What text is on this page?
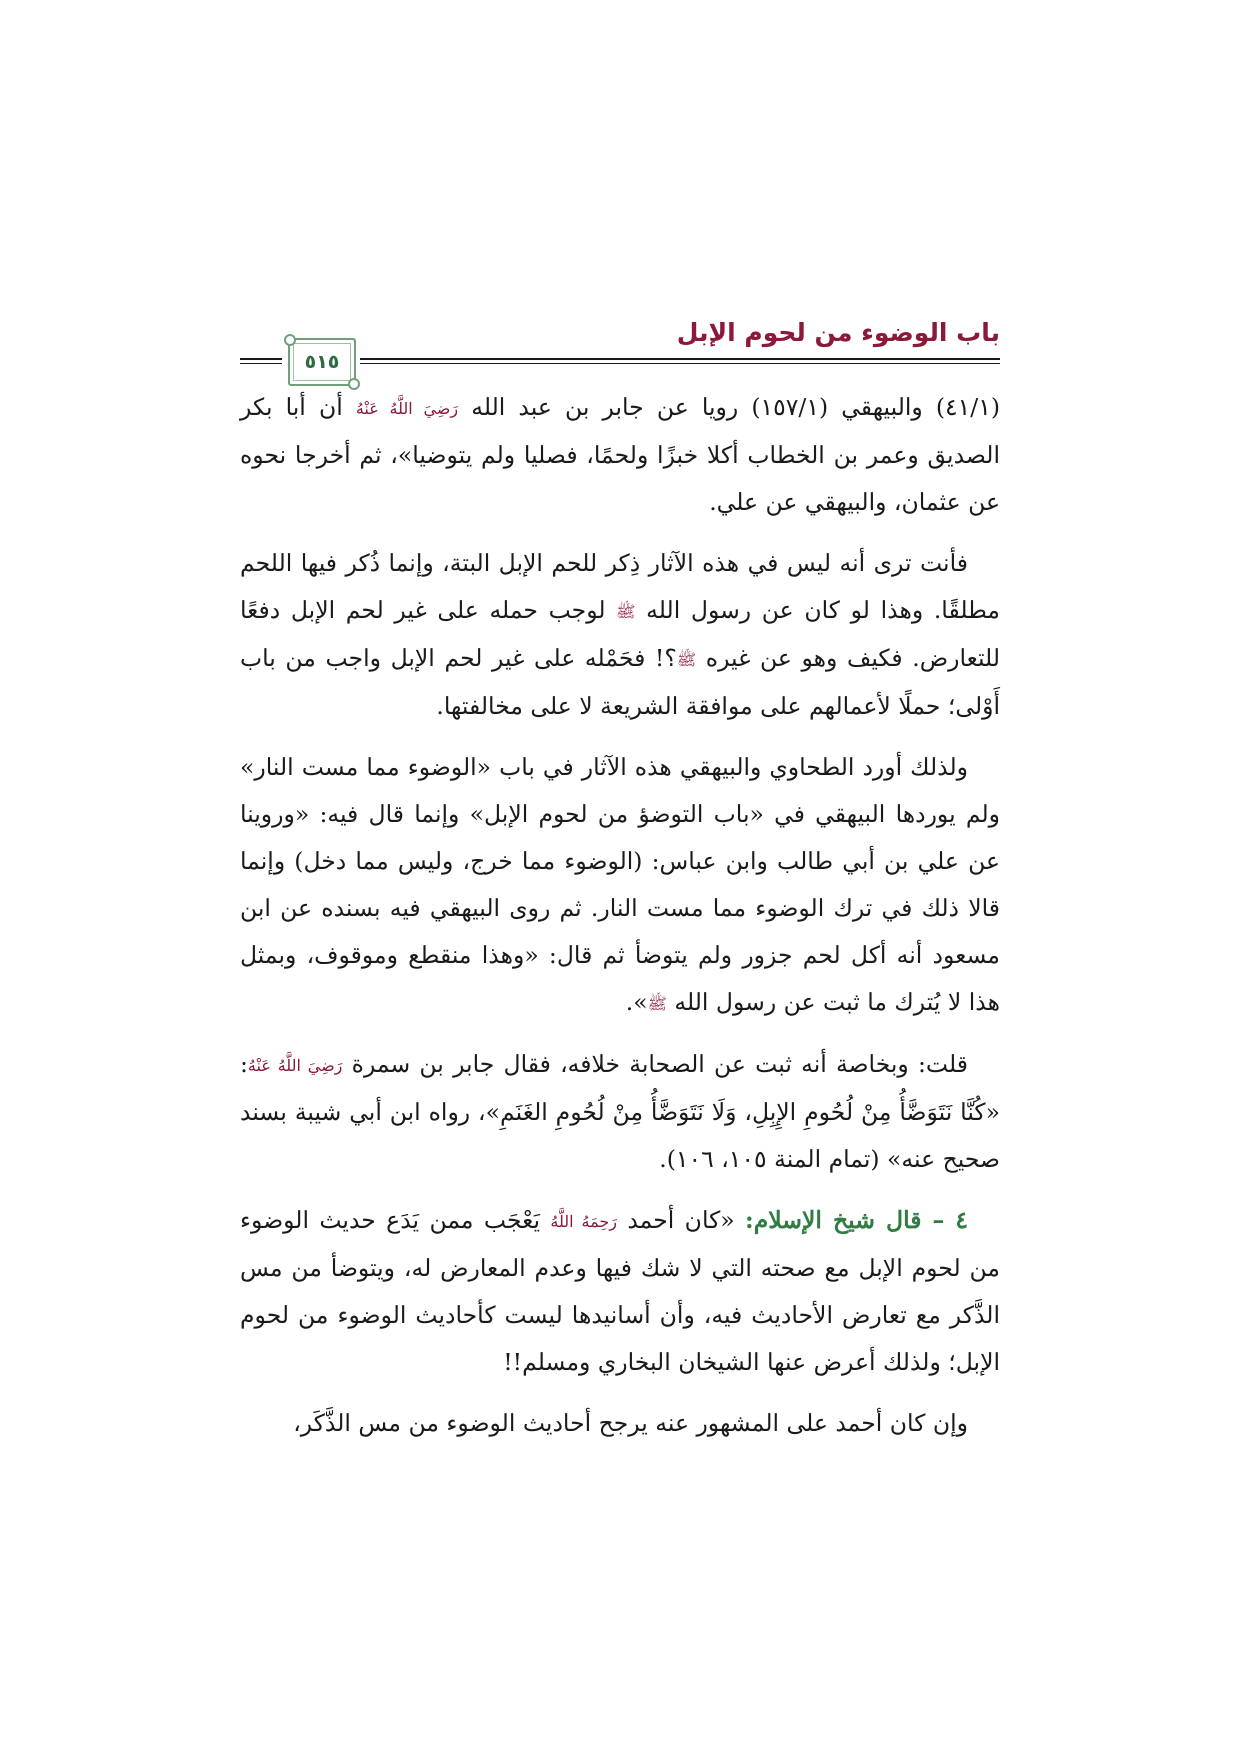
باب الوضوء من لحوم الإبل
٥١٥

(٤١/١) والبيهقي (١٥٧/١) رويا عن جابر بن عبد الله رَضِيَ اللَّهُ عَنْهُ أن أبا بكر الصديق وعمر بن الخطاب أكلا خبزًا ولحمًا، فصليا ولم يتوضيا»، ثم أخرجا نحوه عن عثمان، والبيهقي عن علي.

فأنت ترى أنه ليس في هذه الآثار ذِكر للحم الإبل البتة، وإنما ذُكر فيها اللحم مطلقًا. وهذا لو كان عن رسول الله ﷺ لوجب حمله على غير لحم الإبل دفعًا للتعارض. فكيف وهو عن غيره ﷺ؟! فحَمْله على غير لحم الإبل واجب من باب أَوْلى؛ حملًا لأعمالهم على موافقة الشريعة لا على مخالفتها.

ولذلك أورد الطحاوي والبيهقي هذه الآثار في باب «الوضوء مما مست النار» ولم يوردها البيهقي في «باب التوضؤ من لحوم الإبل» وإنما قال فيه: «وروينا عن علي بن أبي طالب وابن عباس: (الوضوء مما خرج، وليس مما دخل) وإنما قالا ذلك في ترك الوضوء مما مست النار. ثم روى البيهقي فيه بسنده عن ابن مسعود أنه أكل لحم جزور ولم يتوضأ ثم قال: «وهذا منقطع وموقوف، وبمثل هذا لا يُترك ما ثبت عن رسول الله ﷺ».

قلت: وبخاصة أنه ثبت عن الصحابة خلافه، فقال جابر بن سمرة رَضِيَ اللَّهُ عَنْهُ: «كُنَّا نَتَوَضَّأُ مِنْ لُحُومِ الإِبِلِ، وَلَا نَتَوَضَّأُ مِنْ لُحُومِ الغَنَمِ»، رواه ابن أبي شيبة بسند صحيح عنه» (تمام المنة ١٠٥، ١٠٦).

٤ – قال شيخ الإسلام: «كان أحمد رَحِمَهُ اللَّهُ يَعْجَب ممن يَدَع حديث الوضوء من لحوم الإبل مع صحته التي لا شك فيها وعدم المعارض له، ويتوضأ من مس الذَّكر مع تعارض الأحاديث فيه، وأن أسانيدها ليست كأحاديث الوضوء من لحوم الإبل؛ ولذلك أعرض عنها الشيخان البخاري ومسلم!!

وإن كان أحمد على المشهور عنه يرجح أحاديث الوضوء من مس الذَّكَر،
